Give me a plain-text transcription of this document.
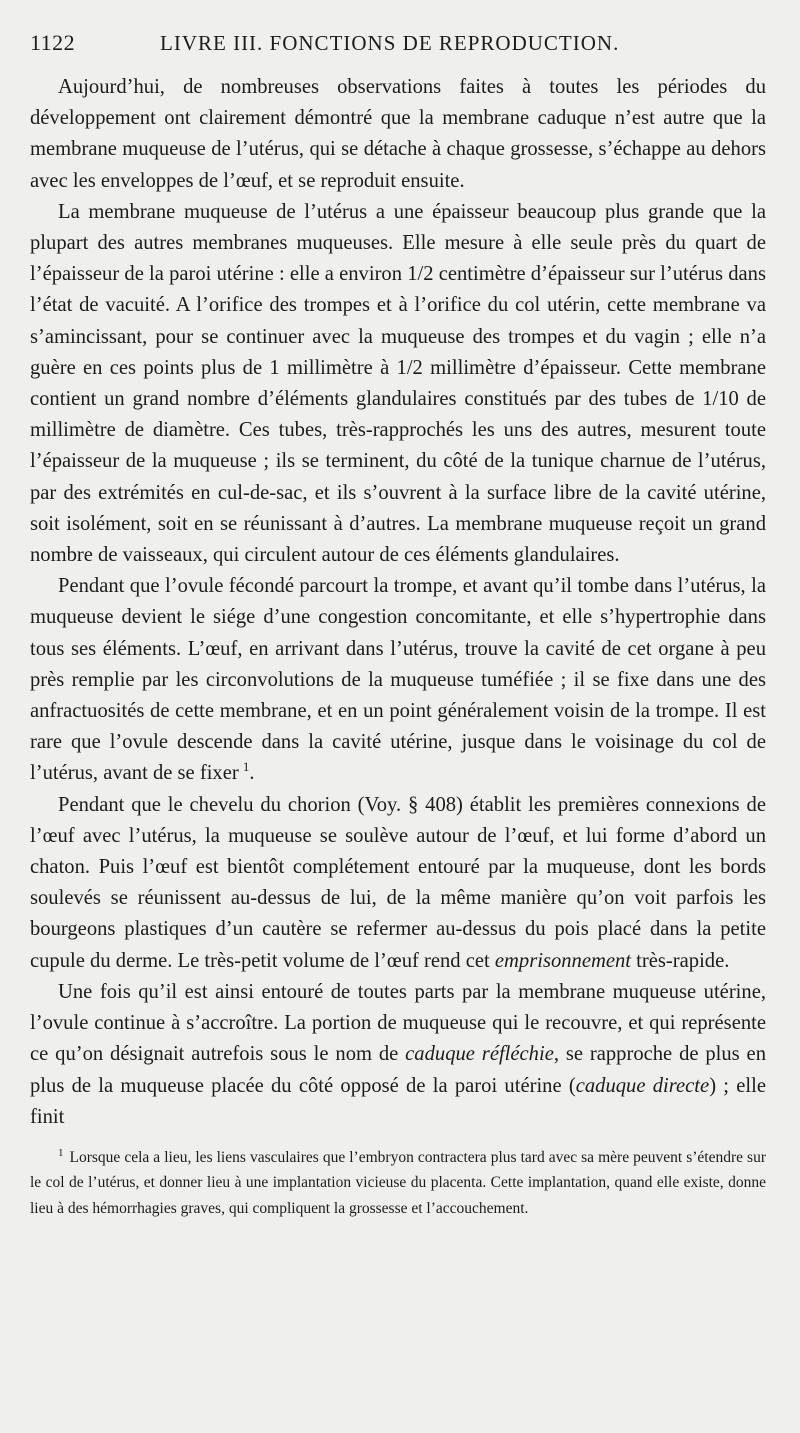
1122	LIVRE III. FONCTIONS DE REPRODUCTION.

Aujourd’hui, de nombreuses observations faites à toutes les périodes du développement ont clairement démontré que la membrane caduque n’est autre que la membrane muqueuse de l’utérus, qui se détache à chaque grossesse, s’échappe au dehors avec les enveloppes de l’œuf, et se reproduit ensuite.

La membrane muqueuse de l’utérus a une épaisseur beaucoup plus grande que la plupart des autres membranes muqueuses. Elle mesure à elle seule près du quart de l’épaisseur de la paroi utérine : elle a environ 1/2 centimètre d’épaisseur sur l’utérus dans l’état de vacuité. A l’orifice des trompes et à l’orifice du col utérin, cette membrane va s’amincissant, pour se continuer avec la muqueuse des trompes et du vagin ; elle n’a guère en ces points plus de 1 millimètre à 1/2 millimètre d’épaisseur. Cette membrane contient un grand nombre d’éléments glandulaires constitués par des tubes de 1/10 de millimètre de diamètre. Ces tubes, très-rapprochés les uns des autres, mesurent toute l’épaisseur de la muqueuse ; ils se terminent, du côté de la tunique charnue de l’utérus, par des extrémités en cul-de-sac, et ils s’ouvrent à la surface libre de la cavité utérine, soit isolément, soit en se réunissant à d’autres. La membrane muqueuse reçoit un grand nombre de vaisseaux, qui circulent autour de ces éléments glandulaires.

Pendant que l’ovule fécondé parcourt la trompe, et avant qu’il tombe dans l’utérus, la muqueuse devient le siége d’une congestion concomitante, et elle s’hypertrophie dans tous ses éléments. L’œuf, en arrivant dans l’utérus, trouve la cavité de cet organe à peu près remplie par les circonvolutions de la muqueuse tuméfiée ; il se fixe dans une des anfractuosités de cette membrane, et en un point généralement voisin de la trompe. Il est rare que l’ovule descende dans la cavité utérine, jusque dans le voisinage du col de l’utérus, avant de se fixer  $^1$.

Pendant que le chevelu du chorion (Voy. § 408) établit les premières connexions de l’œuf avec l’utérus, la muqueuse se soulève autour de l’œuf, et lui forme d’abord un chaton. Puis l’œuf est bientôt complétement entouré par la muqueuse, dont les bords soulevés se réunissent au-dessus de lui, de la même manière qu’on voit parfois les bourgeons plastiques d’un cautère se refermer au-dessus du pois placé dans la petite cupule du derme. Le très-petit volume de l’œuf rend cet emprisonnement très-rapide.

Une fois qu’il est ainsi entouré de toutes parts par la membrane muqueuse utérine, l’ovule continue à s’accroître. La portion de muqueuse qui le recouvre, et qui représente ce qu’on désignait autrefois sous le nom de caduque réfléchie, se rapproche de plus en plus de la muqueuse placée du côté opposé de la paroi utérine (caduque directe) ; elle finit

$^1$ Lorsque cela a lieu, les liens vasculaires que l’embryon contractera plus tard avec sa mère peuvent s’étendre sur le col de l’utérus, et donner lieu à une implantation vicieuse du placenta. Cette implantation, quand elle existe, donne lieu à des hémorrhagies graves, qui compliquent la grossesse et l’accouchement.
